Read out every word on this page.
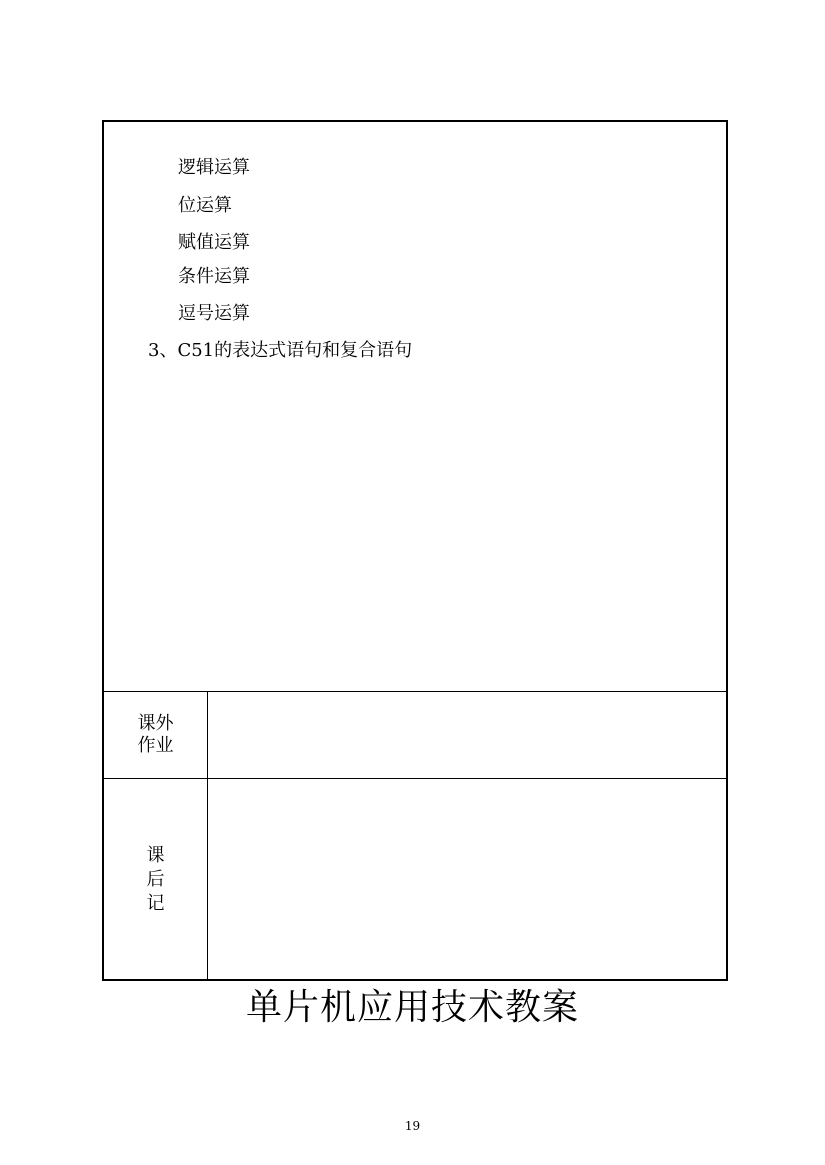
逻辑运算
位运算
赋值运算
条件运算
逗号运算
3、C51的表达式语句和复合语句
课外
作业
课
后
记
单片机应用技术教案
19
